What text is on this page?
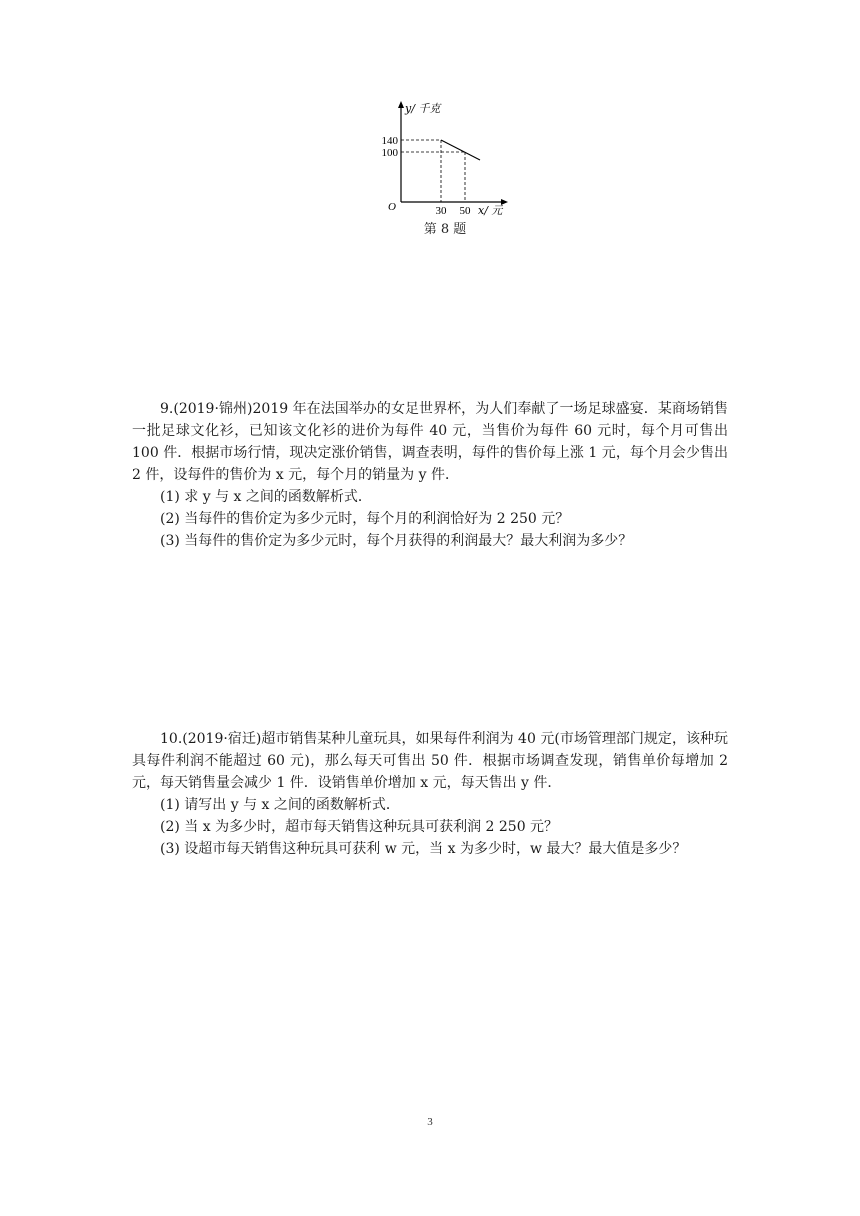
y/ 千克
140
100
30 50
O	x/ 元
第 8 题

9.(2019·锦州)2019 年在法国举办的女足世界杯，为人们奉献了一场足球盛宴．某商场销售一批足球文化衫，已知该文化衫的进价为每件 40 元，当售价为每件 60 元时，每个月可售出 100 件．根据市场行情，现决定涨价销售，调查表明，每件的售价每上涨 1 元，每个月会少售出 2 件，设每件的售价为 x 元，每个月的销量为 y 件．

(1) 求 y 与 x 之间的函数解析式．

(2) 当每件的售价定为多少元时，每个月的利润恰好为 2 250 元？

(3) 当每件的售价定为多少元时，每个月获得的利润最大？最大利润为多少？

10.(2019·宿迁)超市销售某种儿童玩具，如果每件利润为 40 元(市场管理部门规定，该种玩具每件利润不能超过 60 元)，那么每天可售出 50 件．根据市场调查发现，销售单价每增加 2 元，每天销售量会减少 1 件．设销售单价增加 x 元，每天售出 y 件．

(1) 请写出 y 与 x 之间的函数解析式．

(2) 当 x 为多少时，超市每天销售这种玩具可获利润 2 250 元？

(3) 设超市每天销售这种玩具可获利 w 元，当 x 为多少时，w 最大？最大值是多少？

3
